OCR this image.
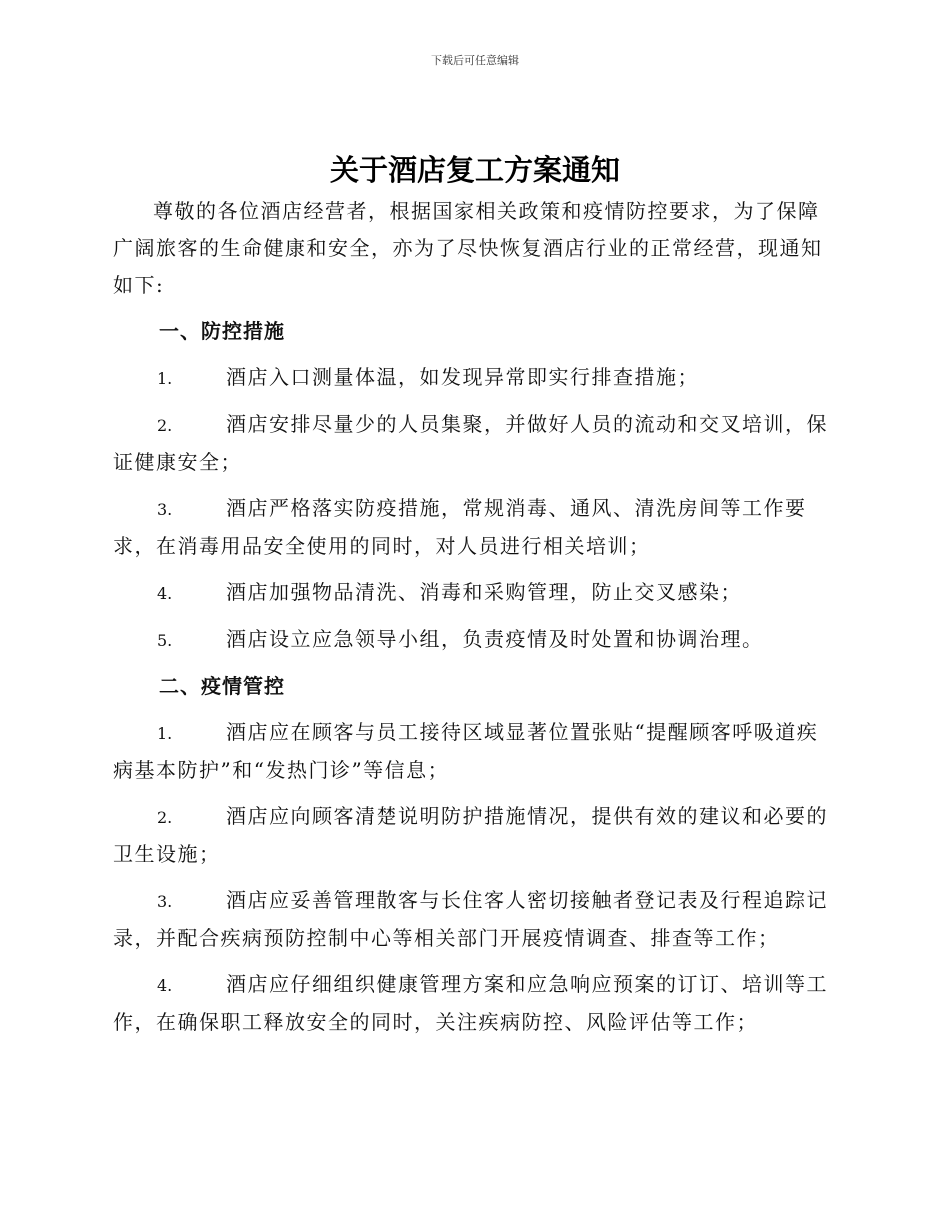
下载后可任意编辑
关于酒店复工方案通知

尊敬的各位酒店经营者，根据国家相关政策和疫情防控要求，为了保障广阔旅客的生命健康和安全，亦为了尽快恢复酒店行业的正常经营，现通知如下:

一、防控措施

1.	酒店入口测量体温，如发现异常即实行排查措施；

2.	酒店安排尽量少的人员集聚，并做好人员的流动和交叉培训，保证健康安全；

3.	酒店严格落实防疫措施，常规消毒、通风、清洗房间等工作要求，在消毒用品安全使用的同时，对人员进行相关培训；

4.	酒店加强物品清洗、消毒和采购管理，防止交叉感染；

5.	酒店设立应急领导小组，负责疫情及时处置和协调治理。

二、疫情管控

1.	酒店应在顾客与员工接待区域显著位置张贴“提醒顾客呼吸道疾病基本防护”和“发热门诊”等信息；

2.	酒店应向顾客清楚说明防护措施情况，提供有效的建议和必要的卫生设施；

3.	酒店应妥善管理散客与长住客人密切接触者登记表及行程追踪记录，并配合疾病预防控制中心等相关部门开展疫情调查、排查等工作；

4.	酒店应仔细组织健康管理方案和应急响应预案的订订、培训等工作，在确保职工释放安全的同时，关注疾病防控、风险评估等工作；
